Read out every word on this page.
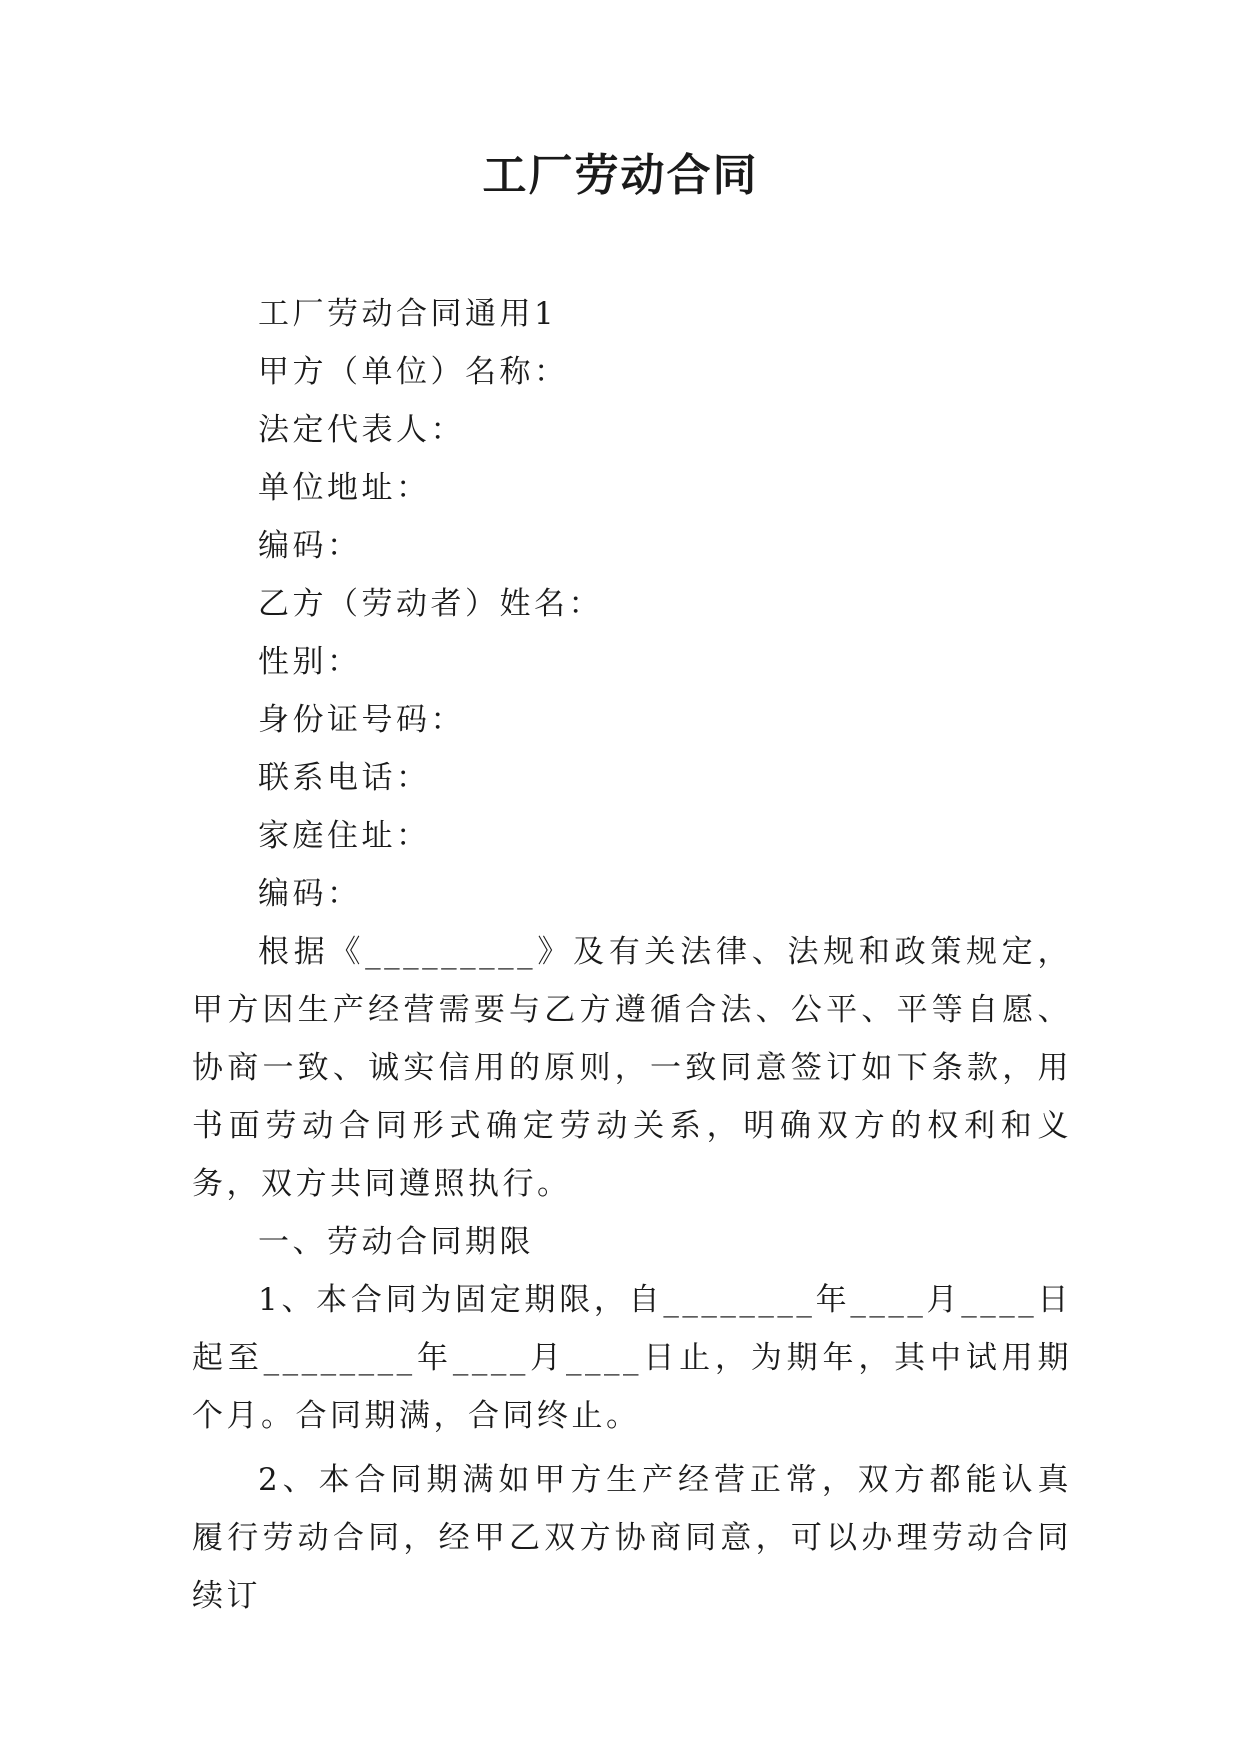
工厂劳动合同
工厂劳动合同通用1
甲方（单位）名称：
法定代表人：
单位地址：
编码：
乙方（劳动者）姓名：
性别：
身份证号码：
联系电话：
家庭住址：
编码：

根据《_________》及有关法律、法规和政策规定，甲方因生产经营需要与乙方遵循合法、公平、平等自愿、协商一致、诚实信用的原则，一致同意签订如下条款，用书面劳动合同形式确定劳动关系，明确双方的权利和义务，双方共同遵照执行。

一、劳动合同期限

1、本合同为固定期限，自________年____月____日起至________年____月____日止，为期年，其中试用期个月。合同期满，合同终止。

2、本合同期满如甲方生产经营正常，双方都能认真履行劳动合同，经甲乙双方协商同意，可以办理劳动合同续订
